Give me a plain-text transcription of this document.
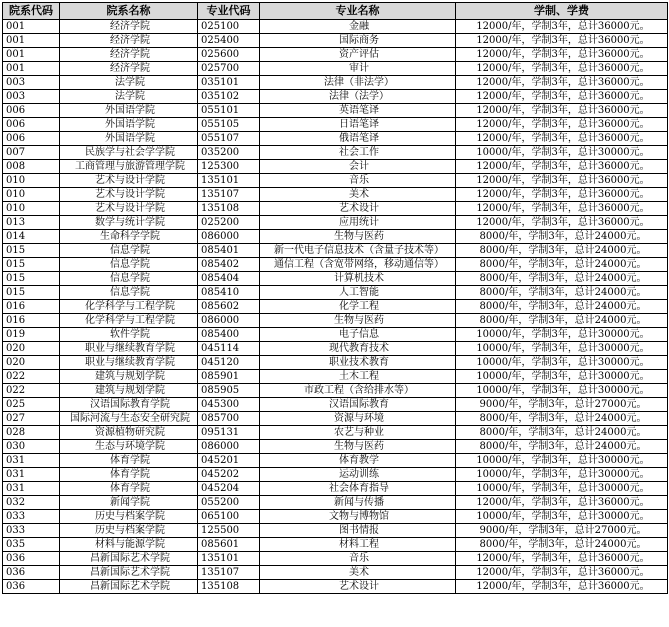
院系代码	院系名称	专业代码	专业名称	学制、学费
001	经济学院	025100	金融	12000/年，学制3年，总计36000元。
001	经济学院	025400	国际商务	12000/年，学制3年，总计36000元。
001	经济学院	025600	资产评估	12000/年，学制3年，总计36000元。
001	经济学院	025700	审计	12000/年，学制3年，总计36000元。
003	法学院	035101	法律（非法学）	12000/年，学制3年，总计36000元。
003	法学院	035102	法律（法学）	12000/年，学制3年，总计36000元。
006	外国语学院	055101	英语笔译	12000/年，学制3年，总计36000元。
006	外国语学院	055105	日语笔译	12000/年，学制3年，总计36000元。
006	外国语学院	055107	俄语笔译	12000/年，学制3年，总计36000元。
007	民族学与社会学学院	035200	社会工作	10000/年，学制3年，总计30000元。
008	工商管理与旅游管理学院	125300	会计	12000/年，学制3年，总计36000元。
010	艺术与设计学院	135101	音乐	12000/年，学制3年，总计36000元。
010	艺术与设计学院	135107	美术	12000/年，学制3年，总计36000元。
010	艺术与设计学院	135108	艺术设计	12000/年，学制3年，总计36000元。
013	数学与统计学院	025200	应用统计	12000/年，学制3年，总计36000元。
014	生命科学学院	086000	生物与医药	8000/年，学制3年，总计24000元。
015	信息学院	085401	新一代电子信息技术（含量子技术等）	8000/年，学制3年，总计24000元。
015	信息学院	085402	通信工程（含宽带网络，移动通信等）	8000/年，学制3年，总计24000元。
015	信息学院	085404	计算机技术	8000/年，学制3年，总计24000元。
015	信息学院	085410	人工智能	8000/年，学制3年，总计24000元。
016	化学科学与工程学院	085602	化学工程	8000/年，学制3年，总计24000元。
016	化学科学与工程学院	086000	生物与医药	8000/年，学制3年，总计24000元。
019	软件学院	085400	电子信息	10000/年，学制3年，总计30000元。
020	职业与继续教育学院	045114	现代教育技术	10000/年，学制3年，总计30000元。
020	职业与继续教育学院	045120	职业技术教育	10000/年，学制3年，总计30000元。
022	建筑与规划学院	085901	土木工程	10000/年，学制3年，总计30000元。
022	建筑与规划学院	085905	市政工程（含给排水等）	10000/年，学制3年，总计30000元。
025	汉语国际教育学院	045300	汉语国际教育	9000/年，学制3年，总计27000元。
027	国际河流与生态安全研究院	085700	资源与环境	8000/年，学制3年，总计24000元。
028	资源植物研究院	095131	农艺与种业	8000/年，学制3年，总计24000元。
030	生态与环境学院	086000	生物与医药	8000/年，学制3年，总计24000元。
031	体育学院	045201	体育教学	10000/年，学制3年，总计30000元。
031	体育学院	045202	运动训练	10000/年，学制3年，总计30000元。
031	体育学院	045204	社会体育指导	10000/年，学制3年，总计30000元。
032	新闻学院	055200	新闻与传播	12000/年，学制3年，总计36000元。
033	历史与档案学院	065100	文物与博物馆	10000/年，学制3年，总计30000元。
033	历史与档案学院	125500	图书情报	9000/年，学制3年，总计27000元。
035	材料与能源学院	085601	材料工程	8000/年，学制3年，总计24000元。
036	昌新国际艺术学院	135101	音乐	12000/年，学制3年，总计36000元。
036	昌新国际艺术学院	135107	美术	12000/年，学制3年，总计36000元。
036	昌新国际艺术学院	135108	艺术设计	12000/年，学制3年，总计36000元。
